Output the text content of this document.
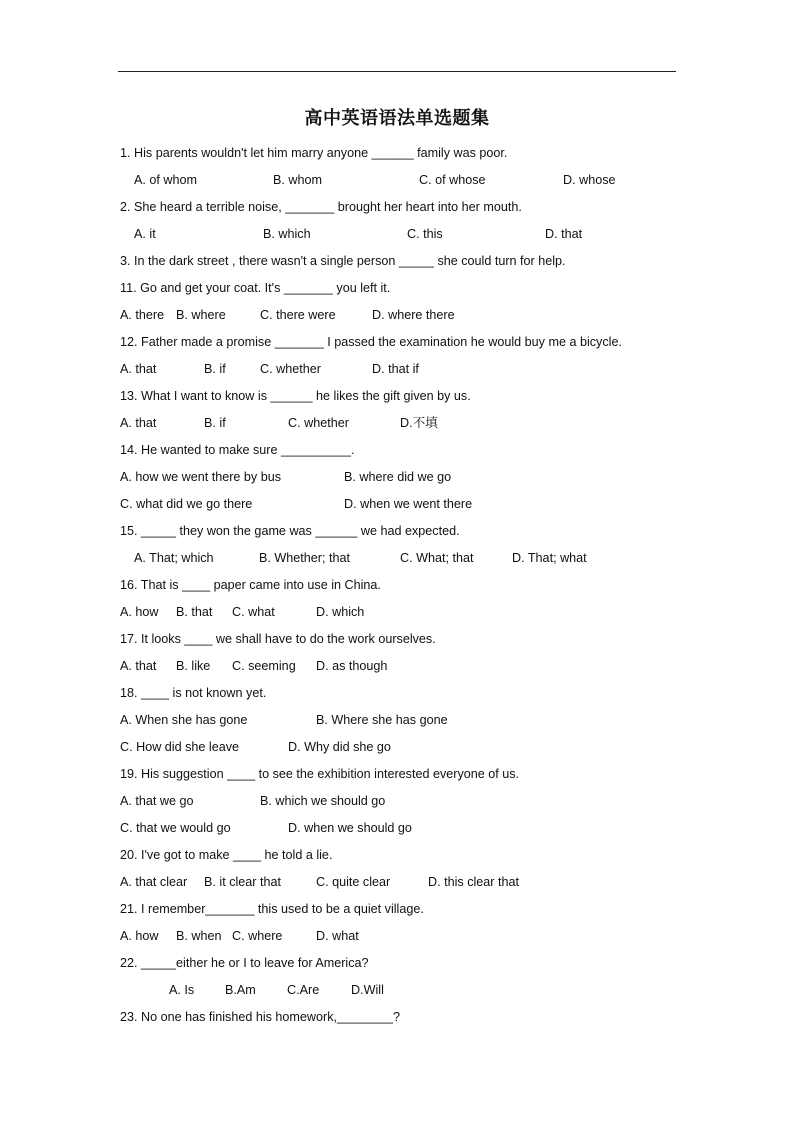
高中英语语法单选题集
1. His parents wouldn't let him marry anyone ______ family was poor.
A. of whom	B. whom	C. of whose	D. whose
2. She heard a terrible noise, _______ brought her heart into her mouth.
A. it	B. which	C. this	D. that
3. In the dark street , there wasn't a single person _____ she could turn for help.
11. Go and get your coat. It's _______ you left it.
A. there B. where	C. there were	D. where there
12. Father made a promise _______ I passed the examination he would buy me a bicycle.
A. that	B. if	C. whether	D. that if
13. What I want to know is ______ he likes the gift given by us.
A. that	B. if	C. whether	D.不填
14. He wanted to make sure __________.
A. how we went there by bus	B. where did we go
C. what did we go there	D. when we went there
15. _____ they won the game was ______ we had expected.
A. That; which	B. Whether; that	C. What; that	D. That; what
16. That is ____ paper came into use in China.
A. how B. that C. what	D. which
17. It looks ____ we shall have to do the work ourselves.
A. that B. like C. seeming D. as though
18. ____ is not known yet.
A. When she has gone	B. Where she has gone
C. How did she leave	D. Why did she go
19. His suggestion ____ to see the exhibition interested everyone of us.
A. that we go	B. which we should go
C. that we would go	D. when we should go
20. I've got to make ____ he told a lie.
A. that clear B. it clear that	C. quite clear	D. this clear that
21. I remember_______ this used to be a quiet village.
A. how B. when C. where	D. what
22. _____either he or I to leave for America?
A. Is B.Am C.Are	D.Will
23. No one has finished his homework,________?
